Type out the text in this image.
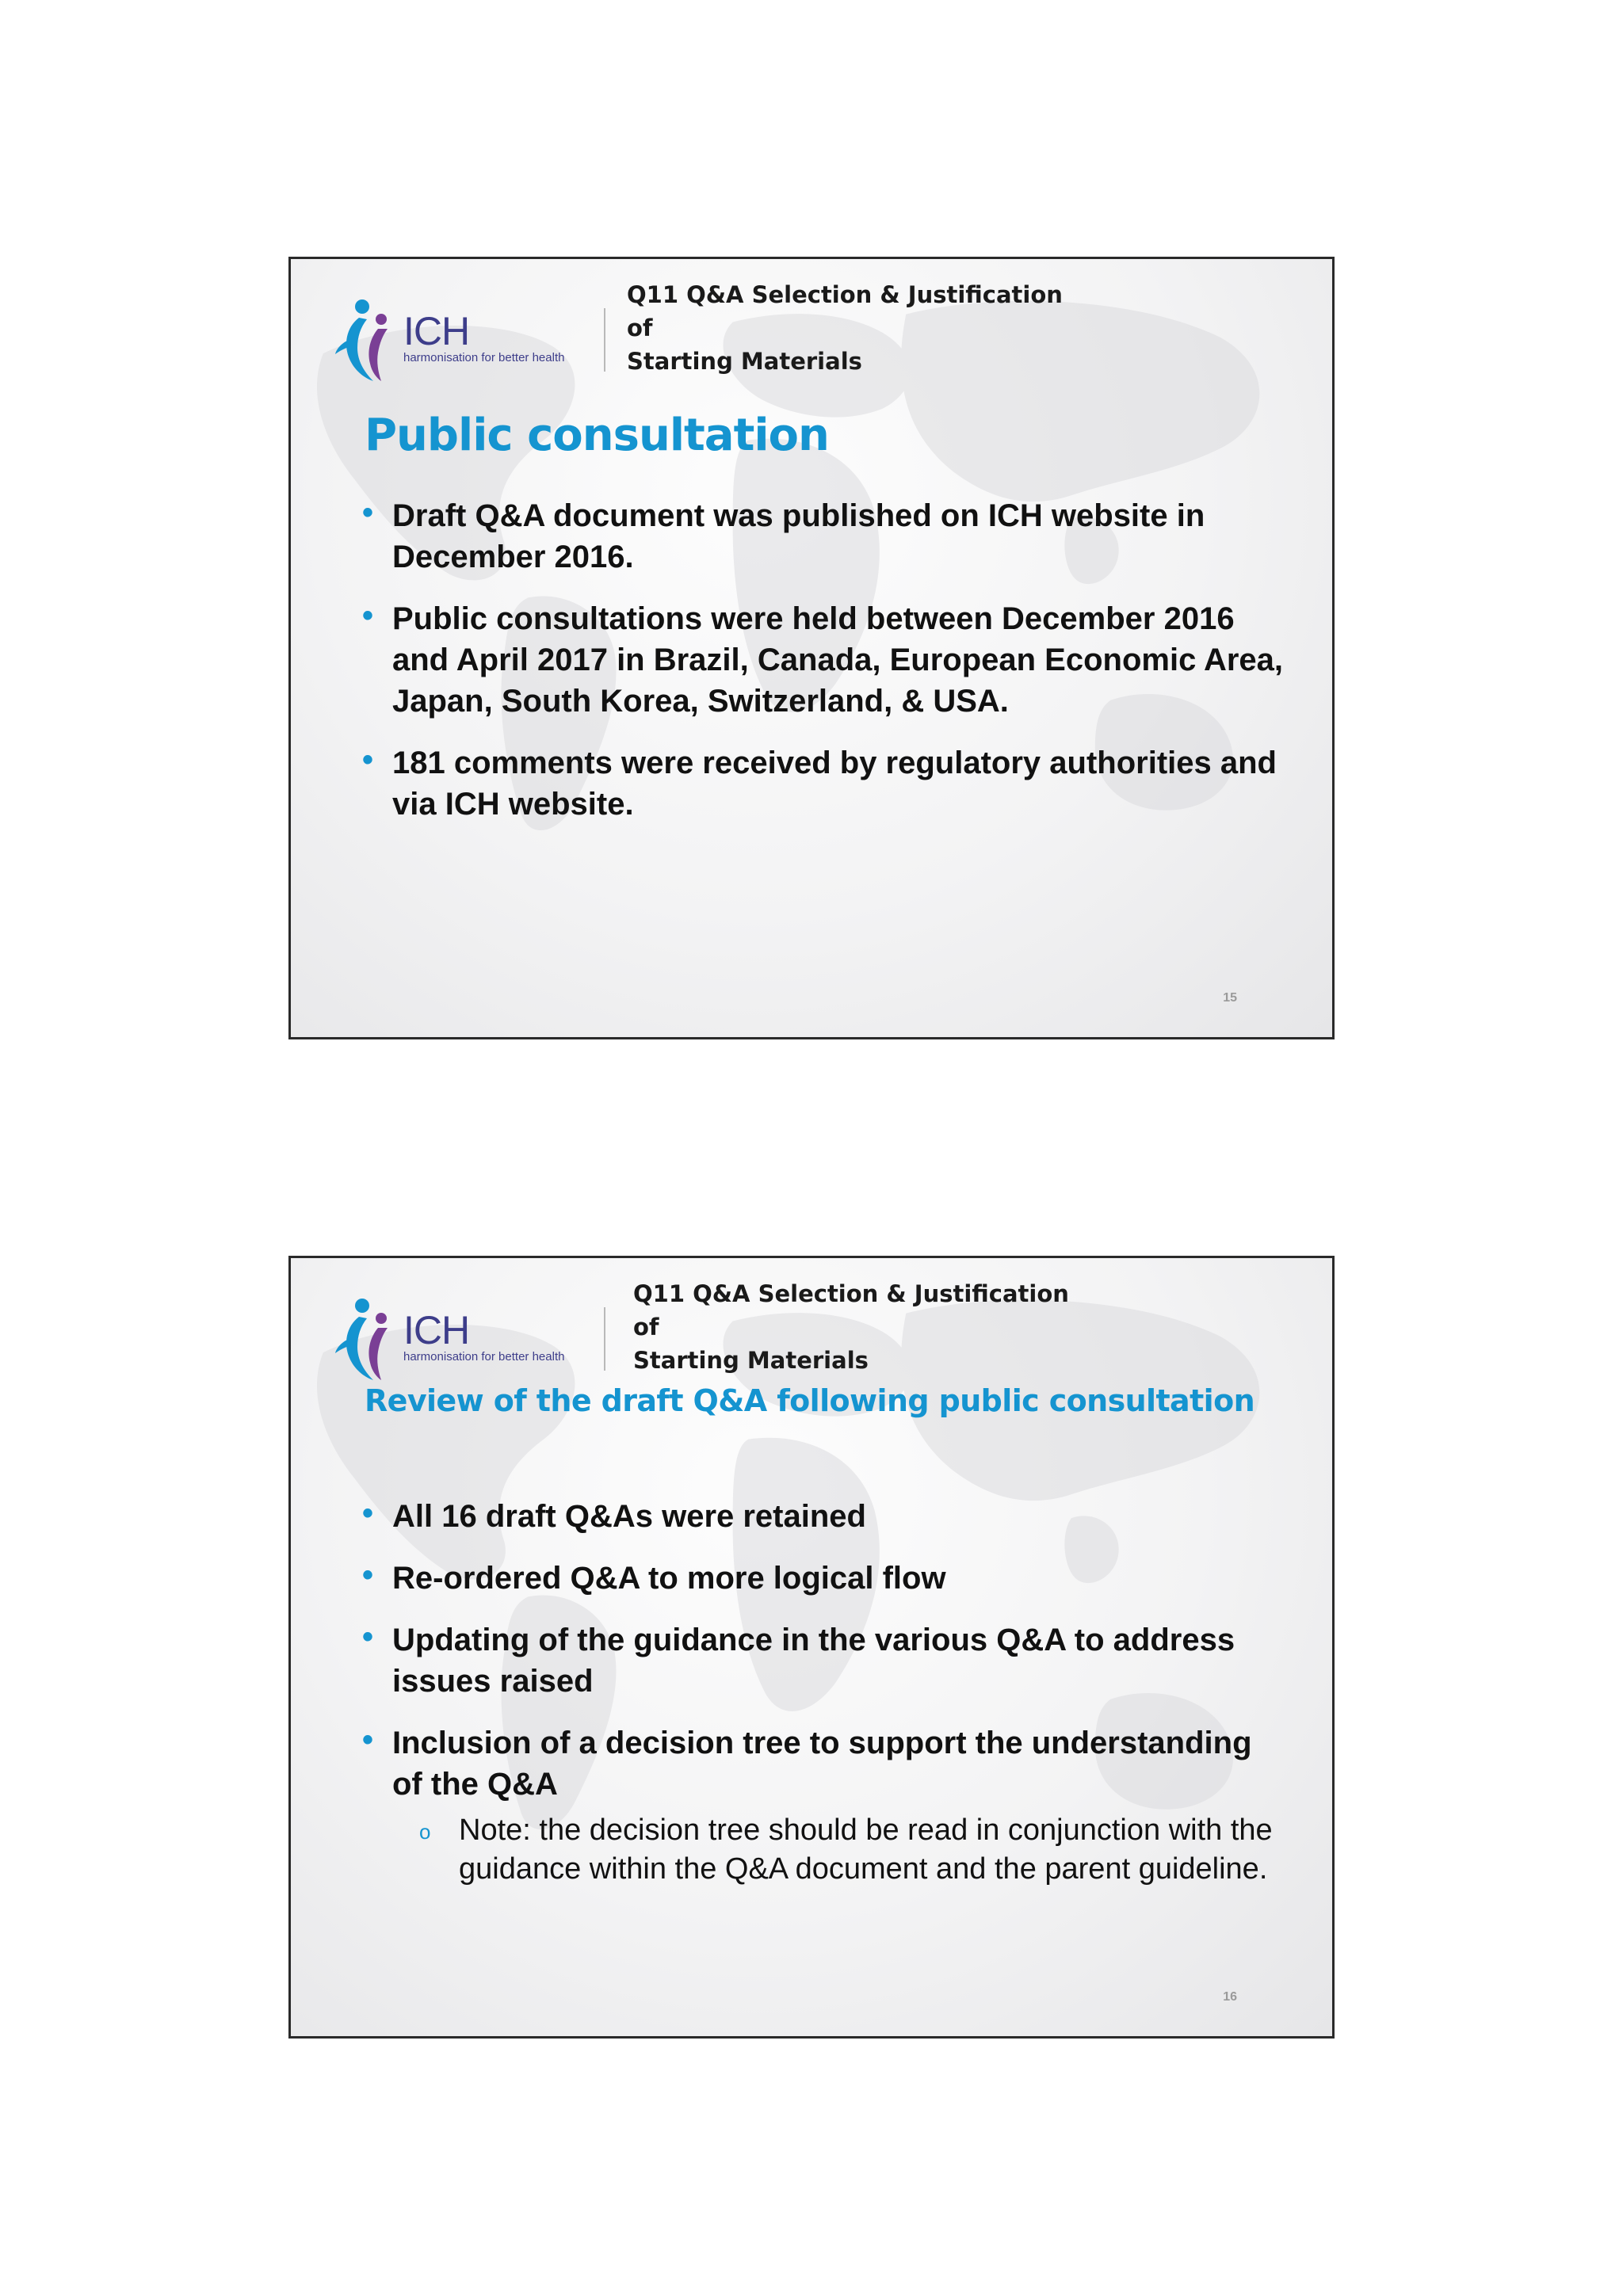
ICH
harmonisation for better health
Q11 Q&A Selection & Justification of
Starting Materials
Public consultation
• Draft Q&A document was published on ICH website in December 2016.
• Public consultations were held between December 2016 and April 2017 in Brazil, Canada, European Economic Area, Japan, South Korea, Switzerland, & USA.
• 181 comments were received by regulatory authorities and via ICH website.
15
ICH
harmonisation for better health
Q11 Q&A Selection & Justification of
Starting Materials
Review of the draft Q&A following public consultation
• All 16 draft Q&As were retained
• Re-ordered Q&A to more logical flow
• Updating of the guidance in the various Q&A to address issues raised
• Inclusion of a decision tree to support the understanding of the Q&A
o Note: the decision tree should be read in conjunction with the guidance within the Q&A document and the parent guideline.
16
